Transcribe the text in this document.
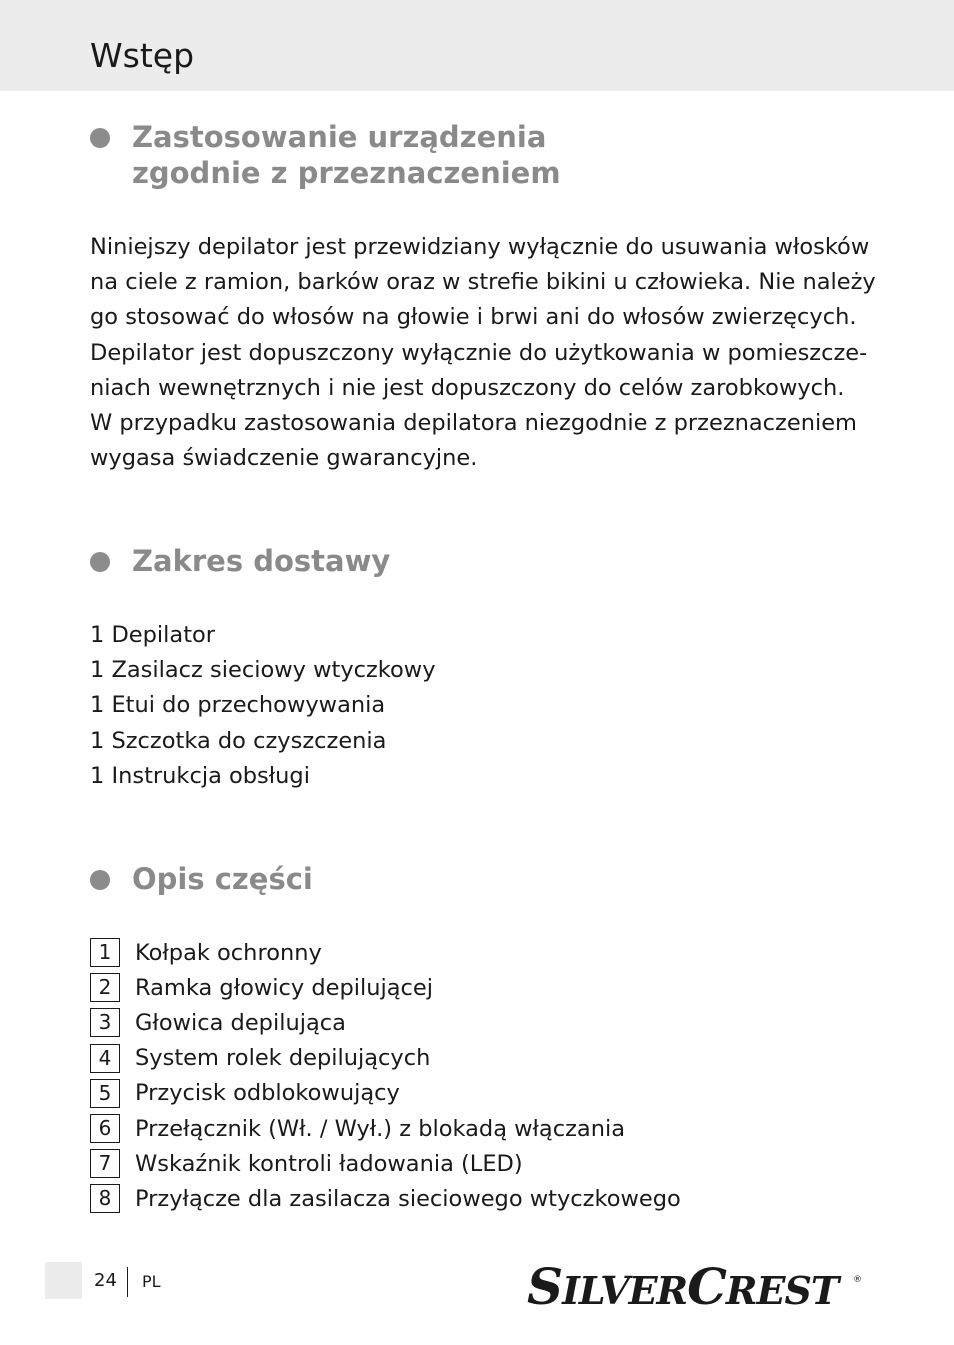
Wstęp
Zastosowanie urządzenia
zgodnie z przeznaczeniem
Niniejszy depilator jest przewidziany wyłącznie do usuwania włosków
na ciele z ramion, barków oraz w strefie bikini u człowieka. Nie należy
go stosować do włosów na głowie i brwi ani do włosów zwierzęcych.
Depilator jest dopuszczony wyłącznie do użytkowania w pomieszcze-
niach wewnętrznych i nie jest dopuszczony do celów zarobkowych.
W przypadku zastosowania depilatora niezgodnie z przeznaczeniem
wygasa świadczenie gwarancyjne.
Zakres dostawy
1 Depilator
1 Zasilacz sieciowy wtyczkowy
1 Etui do przechowywania
1 Szczotka do czyszczenia
1 Instrukcja obsługi
Opis części
1	Kołpak ochronny
2	Ramka głowicy depilującej
3	Głowica depilująca
4	System rolek depilujących
5	Przycisk odblokowujący
6	Przełącznik (Wł. / Wył.) z blokadą włączania
7	Wskaźnik kontroli ładowania (LED)
8	Przyłącze dla zasilacza sieciowego wtyczkowego
24 PL	SILVERCREST	®
